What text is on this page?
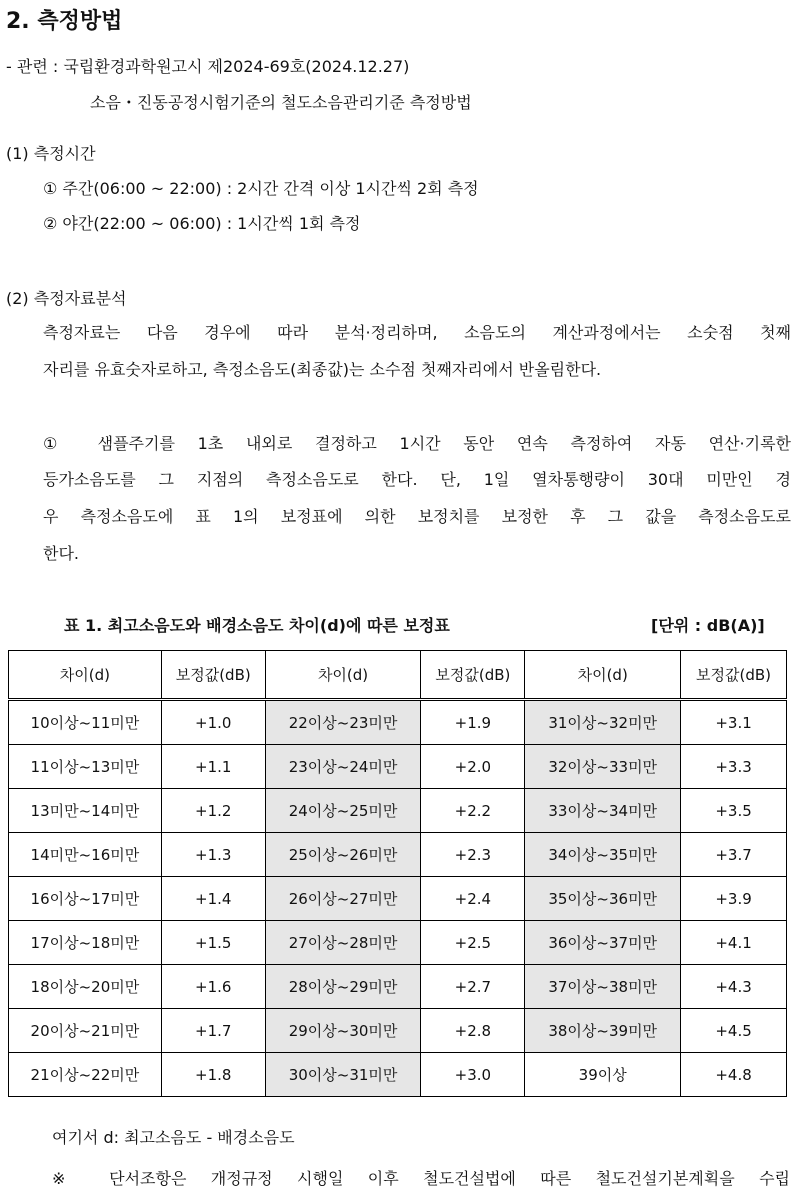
2. 측정방법
- 관련 : 국립환경과학원고시 제2024-69호(2024.12.27)
소음・진동공정시험기준의 철도소음관리기준 측정방법
(1) 측정시간
① 주간(06:00 ~ 22:00) : 2시간 간격 이상 1시간씩 2회 측정
② 야간(22:00 ~ 06:00) : 1시간씩 1회 측정
(2) 측정자료분석
측정자료는 다음 경우에 따라 분석·정리하며, 소음도의 계산과정에서는 소숫점 첫째
자리를 유효숫자로하고, 측정소음도(최종값)는 소수점 첫째자리에서 반올림한다.
① 샘플주기를 1초 내외로 결정하고 1시간 동안 연속 측정하여 자동 연산·기록한
등가소음도를 그 지점의 측정소음도로 한다. 단, 1일 열차통행량이 30대 미만인 경
우 측정소음도에 표 1의 보정표에 의한 보정치를 보정한 후 그 값을 측정소음도로
한다.
표 1. 최고소음도와 배경소음도 차이(d)에 따른 보정표	[단위 : dB(A)]
차이(d)	보정값(dB)	차이(d)	보정값(dB)	차이(d)	보정값(dB)
10이상~11미만	+1.0	22이상~23미만	+1.9	31이상~32미만	+3.1
11이상~13미만	+1.1	23이상~24미만	+2.0	32이상~33미만	+3.3
13미만~14미만	+1.2	24이상~25미만	+2.2	33이상~34미만	+3.5
14미만~16미만	+1.3	25이상~26미만	+2.3	34이상~35미만	+3.7
16이상~17미만	+1.4	26이상~27미만	+2.4	35이상~36미만	+3.9
17이상~18미만	+1.5	27이상~28미만	+2.5	36이상~37미만	+4.1
18이상~20미만	+1.6	28이상~29미만	+2.7	37이상~38미만	+4.3
20이상~21미만	+1.7	29이상~30미만	+2.8	38이상~39미만	+4.5
21이상~22미만	+1.8	30이상~31미만	+3.0	39이상	+4.8
여기서 d: 최고소음도 - 배경소음도
※ 단서조항은 개정규정 시행일 이후 철도건설법에 따른 철도건설기본계획을 수립
